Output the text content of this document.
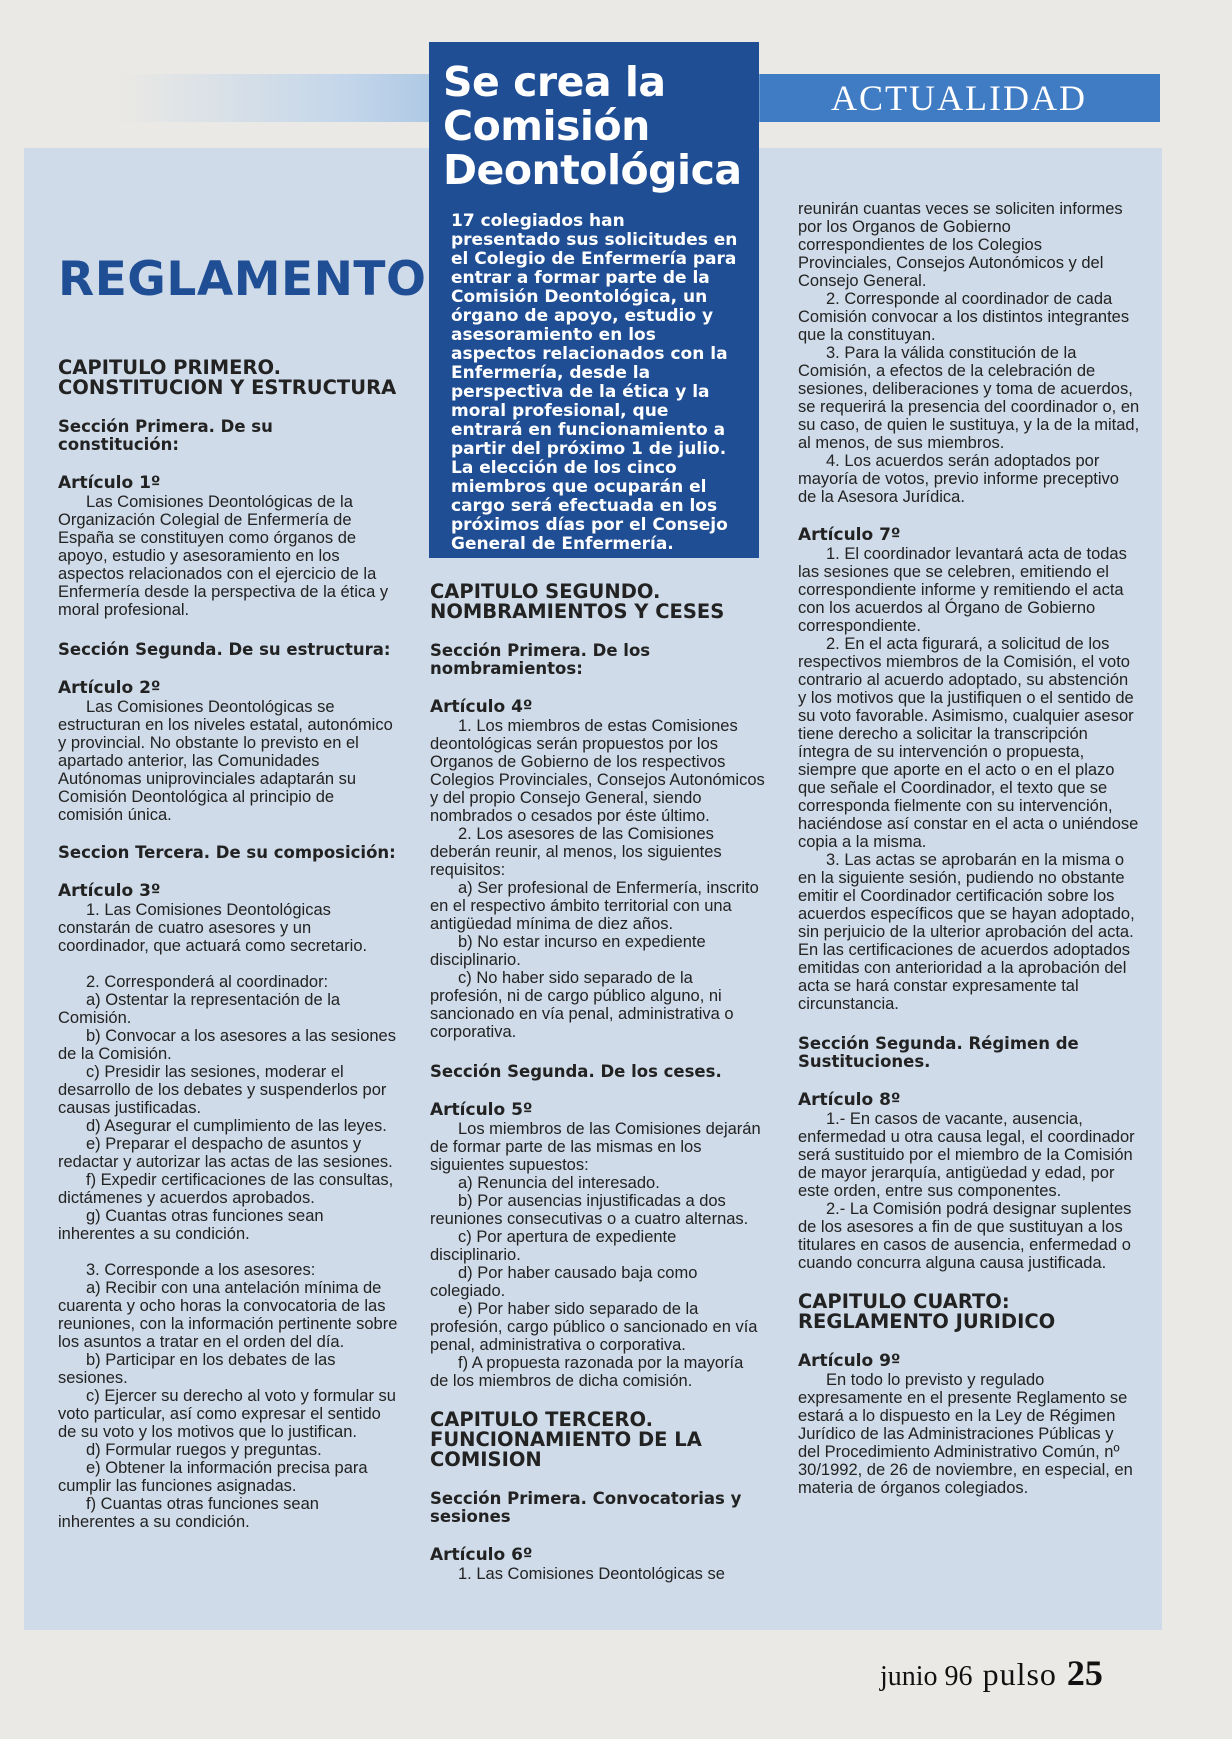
ACTUALIDAD
Se crea la Comisión Deontológica

17 colegiados han presentado sus solicitudes en el Colegio de Enfermería para entrar a formar parte de la Comisión Deontológica, un órgano de apoyo, estudio y asesoramiento en los aspectos relacionados con la Enfermería, desde la perspectiva de la ética y la moral profesional, que entrará en funcionamiento a partir del próximo 1 de julio. La elección de los cinco miembros que ocuparán el cargo será efectuada en los próximos días por el Consejo General de Enfermería.

REGLAMENTO

CAPITULO PRIMERO. CONSTITUCION Y ESTRUCTURA

Sección Primera. De su constitución:

Artículo 1º

Las Comisiones Deontológicas de la Organización Colegial de Enfermería de España se constituyen como órganos de apoyo, estudio y asesoramiento en los aspectos relacionados con el ejercicio de la Enfermería desde la perspectiva de la ética y moral profesional.

Sección Segunda. De su estructura:

Artículo 2º

Las Comisiones Deontológicas se estructuran en los niveles estatal, autonómico y provincial. No obstante lo previsto en el apartado anterior, las Comunidades Autónomas uniprovinciales adaptarán su Comisión Deontológica al principio de comisión única.

Seccion Tercera. De su composición:

Artículo 3º

1. Las Comisiones Deontológicas constarán de cuatro asesores y un coordinador, que actuará como secretario.

2. Corresponderá al coordinador:

a) Ostentar la representación de la Comisión.

b) Convocar a los asesores a las sesiones de la Comisión.

c) Presidir las sesiones, moderar el desarrollo de los debates y suspenderlos por causas justificadas.

d) Asegurar el cumplimiento de las leyes.

e) Preparar el despacho de asuntos y redactar y autorizar las actas de las sesiones.

f) Expedir certificaciones de las consultas, dictámenes y acuerdos aprobados.

g) Cuantas otras funciones sean inherentes a su condición.

3. Corresponde a los asesores:

a) Recibir con una antelación mínima de cuarenta y ocho horas la convocatoria de las reuniones, con la información pertinente sobre los asuntos a tratar en el orden del día.

b) Participar en los debates de las sesiones.

c) Ejercer su derecho al voto y formular su voto particular, así como expresar el sentido de su voto y los motivos que lo justifican.

d) Formular ruegos y preguntas.

e) Obtener la información precisa para cumplir las funciones asignadas.

f) Cuantas otras funciones sean inherentes a su condición.

CAPITULO SEGUNDO. NOMBRAMIENTOS Y CESES

Sección Primera. De los nombramientos:

Artículo 4º

1. Los miembros de estas Comisiones deontológicas serán propuestos por los Organos de Gobierno de los respectivos Colegios Provinciales, Consejos Autonómicos y del propio Consejo General, siendo nombrados o cesados por éste último.

2. Los asesores de las Comisiones deberán reunir, al menos, los siguientes requisitos:

a) Ser profesional de Enfermería, inscrito en el respectivo ámbito territorial con una antigüedad mínima de diez años.

b) No estar incurso en expediente disciplinario.

c) No haber sido separado de la profesión, ni de cargo público alguno, ni sancionado en vía penal, administrativa o corporativa.

Sección Segunda. De los ceses.

Artículo 5º

Los miembros de las Comisiones dejarán de formar parte de las mismas en los siguientes supuestos:

a) Renuncia del interesado.

b) Por ausencias injustificadas a dos reuniones consecutivas o a cuatro alternas.

c) Por apertura de expediente disciplinario.

d) Por haber causado baja como colegiado.

e) Por haber sido separado de la profesión, cargo público o sancionado en vía penal, administrativa o corporativa.

f) A propuesta razonada por la mayoría de los miembros de dicha comisión.

CAPITULO TERCERO. FUNCIONAMIENTO DE LA COMISION

Sección Primera. Convocatorias y sesiones

Artículo 6º

1. Las Comisiones Deontológicas se

reunirán cuantas veces se soliciten informes por los Organos de Gobierno correspondientes de los Colegios Provinciales, Consejos Autonómicos y del Consejo General.

2. Corresponde al coordinador de cada Comisión convocar a los distintos integrantes que la constituyan.

3. Para la válida constitución de la Comisión, a efectos de la celebración de sesiones, deliberaciones y toma de acuerdos, se requerirá la presencia del coordinador o, en su caso, de quien le sustituya, y la de la mitad, al menos, de sus miembros.

4. Los acuerdos serán adoptados por mayoría de votos, previo informe preceptivo de la Asesora Jurídica.

Artículo 7º

1. El coordinador levantará acta de todas las sesiones que se celebren, emitiendo el correspondiente informe y remitiendo el acta con los acuerdos al Órgano de Gobierno correspondiente.

2. En el acta figurará, a solicitud de los respectivos miembros de la Comisión, el voto contrario al acuerdo adoptado, su abstención y los motivos que la justifiquen o el sentido de su voto favorable. Asimismo, cualquier asesor tiene derecho a solicitar la transcripción íntegra de su intervención o propuesta, siempre que aporte en el acto o en el plazo que señale el Coordinador, el texto que se corresponda fielmente con su intervención, haciéndose así constar en el acta o uniéndose copia a la misma.

3. Las actas se aprobarán en la misma o en la siguiente sesión, pudiendo no obstante emitir el Coordinador certificación sobre los acuerdos específicos que se hayan adoptado, sin perjuicio de la ulterior aprobación del acta. En las certificaciones de acuerdos adoptados emitidas con anterioridad a la aprobación del acta se hará constar expresamente tal circunstancia.

Sección Segunda. Régimen de Sustituciones.

Artículo 8º

1.- En casos de vacante, ausencia, enfermedad u otra causa legal, el coordinador será sustituido por el miembro de la Comisión de mayor jerarquía, antigüedad y edad, por este orden, entre sus componentes.

2.- La Comisión podrá designar suplentes de los asesores a fin de que sustituyan a los titulares en casos de ausencia, enfermedad o cuando concurra alguna causa justificada.

CAPITULO CUARTO: REGLAMENTO JURIDICO

Artículo 9º

En todo lo previsto y regulado expresamente en el presente Reglamento se estará a lo dispuesto en la Ley de Régimen Jurídico de las Administraciones Públicas y del Procedimiento Administrativo Común, nº 30/1992, de 26 de noviembre, en especial, en materia de órganos colegiados.

junio 96 pulso 25
